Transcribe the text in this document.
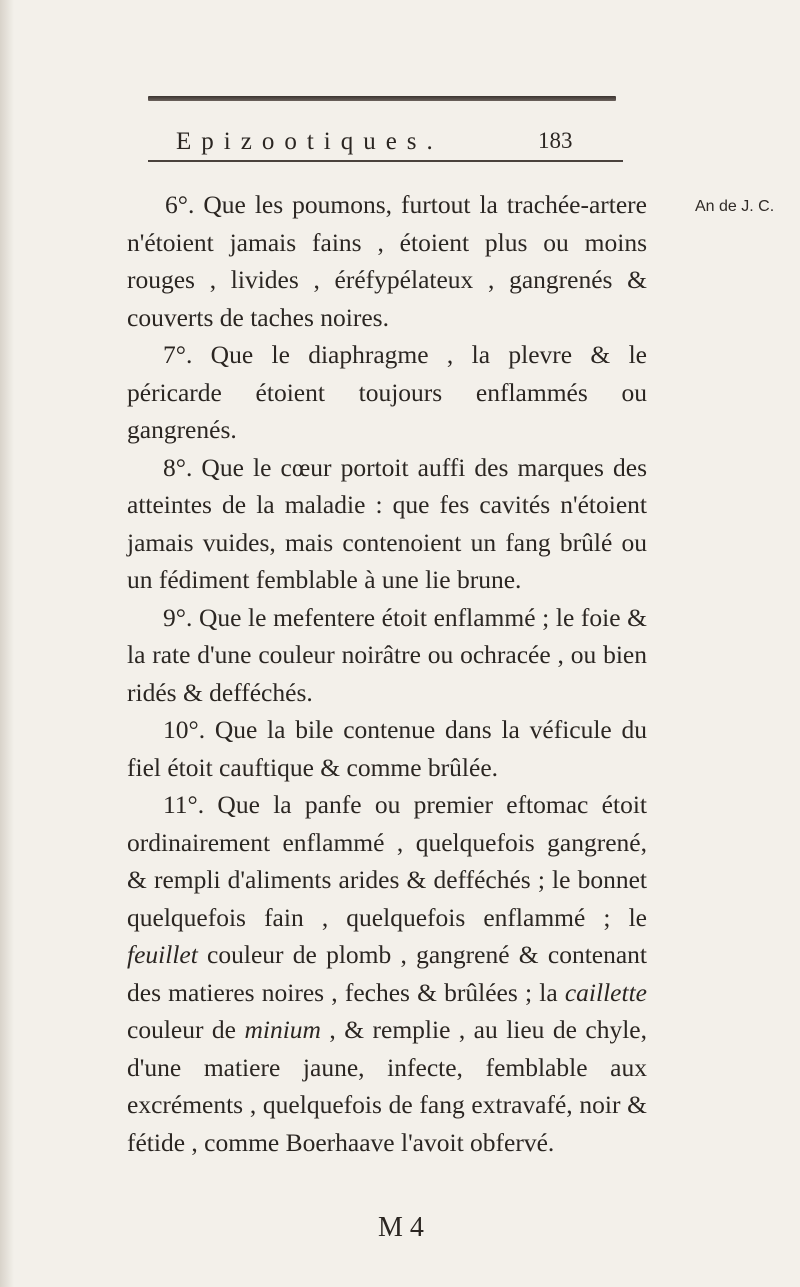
Epizootiques.	183
An de J. C.

6°. Que les poumons, furtout la trachée-artere n'étoient jamais fains , étoient plus ou moins rouges , livides , éréfypélateux , gangrenés & couverts de taches noires.

7°. Que le diaphragme , la plevre & le péricarde étoient toujours enflammés ou gangrenés.

8°. Que le cœur portoit auffi des marques des atteintes de la maladie : que fes cavités n'étoient jamais vuides, mais contenoient un fang brûlé ou un fédiment femblable à une lie brune.

9°. Que le mefentere étoit enflammé ; le foie & la rate d'une couleur noirâtre ou ochracée , ou bien ridés & defféchés.

10°. Que la bile contenue dans la véficule du fiel étoit cauftique & comme brûlée.

11°. Que la panfe ou premier eftomac étoit ordinairement enflammé , quelquefois gangrené, & rempli d'aliments arides & defféchés ; le bonnet quelquefois fain , quelquefois enflammé ; le feuillet couleur de plomb , gangrené & contenant des matieres noires , feches & brûlées ; la caillette couleur de minium , & remplie , au lieu de chyle, d'une matiere jaune, infecte, femblable aux excréments , quelquefois de fang extravafé, noir & fétide , comme Boerhaave l'avoit obfervé.

M 4
